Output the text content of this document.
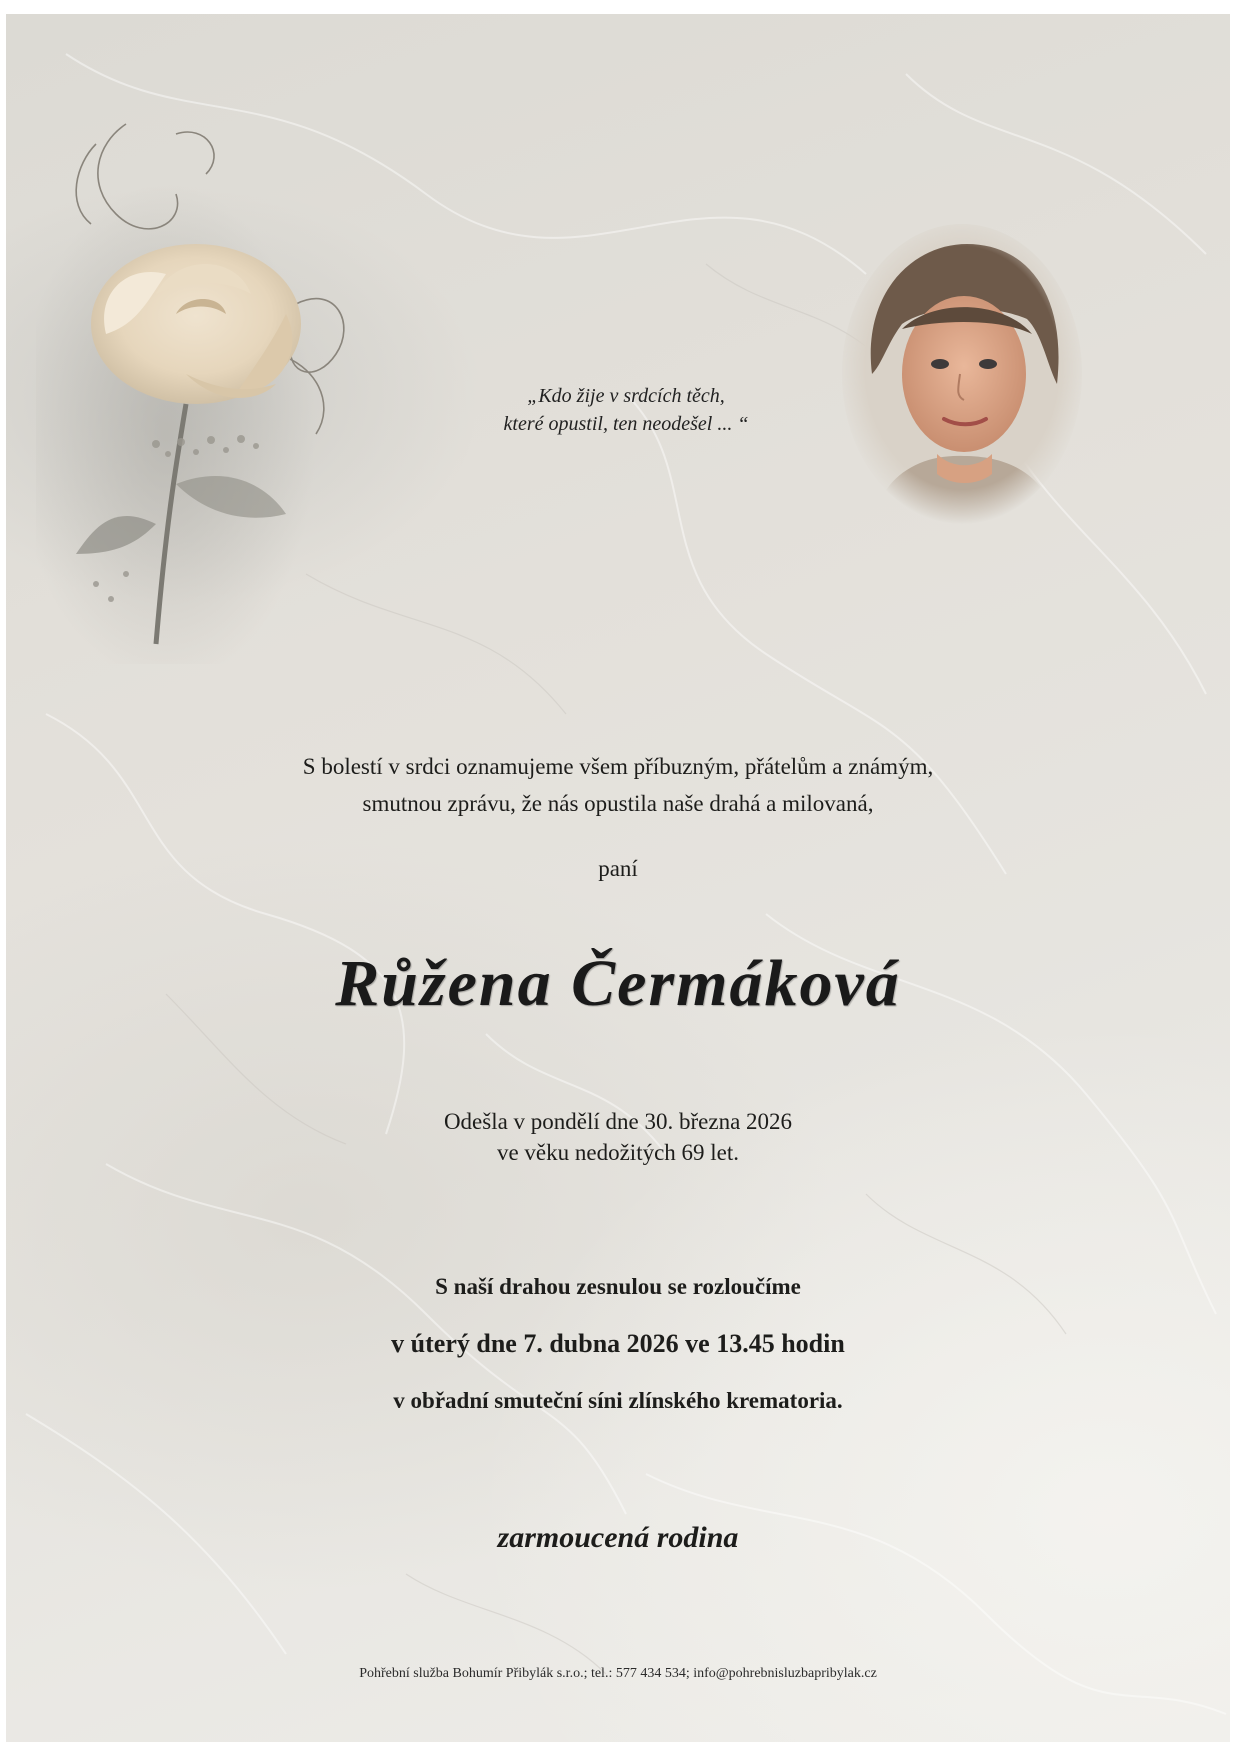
„Kdo žije v srdcích těch,
které opustil, ten neodešel ... “
S bolestí v srdci oznamujeme všem příbuzným, přátelům a známým,
smutnou zprávu, že nás opustila naše drahá a milovaná,
paní
Růžena Čermáková
Odešla v pondělí dne 30. března 2026
ve věku nedožitých 69 let.
S naší drahou zesnulou se rozloučíme
v úterý dne 7. dubna 2026 ve 13.45 hodin
v obřadní smuteční síni zlínského krematoria.
zarmoucená rodina
Pohřební služba Bohumír Přibylák s.r.o.; tel.: 577 434 534; info@pohrebnisluzbapribylak.cz
